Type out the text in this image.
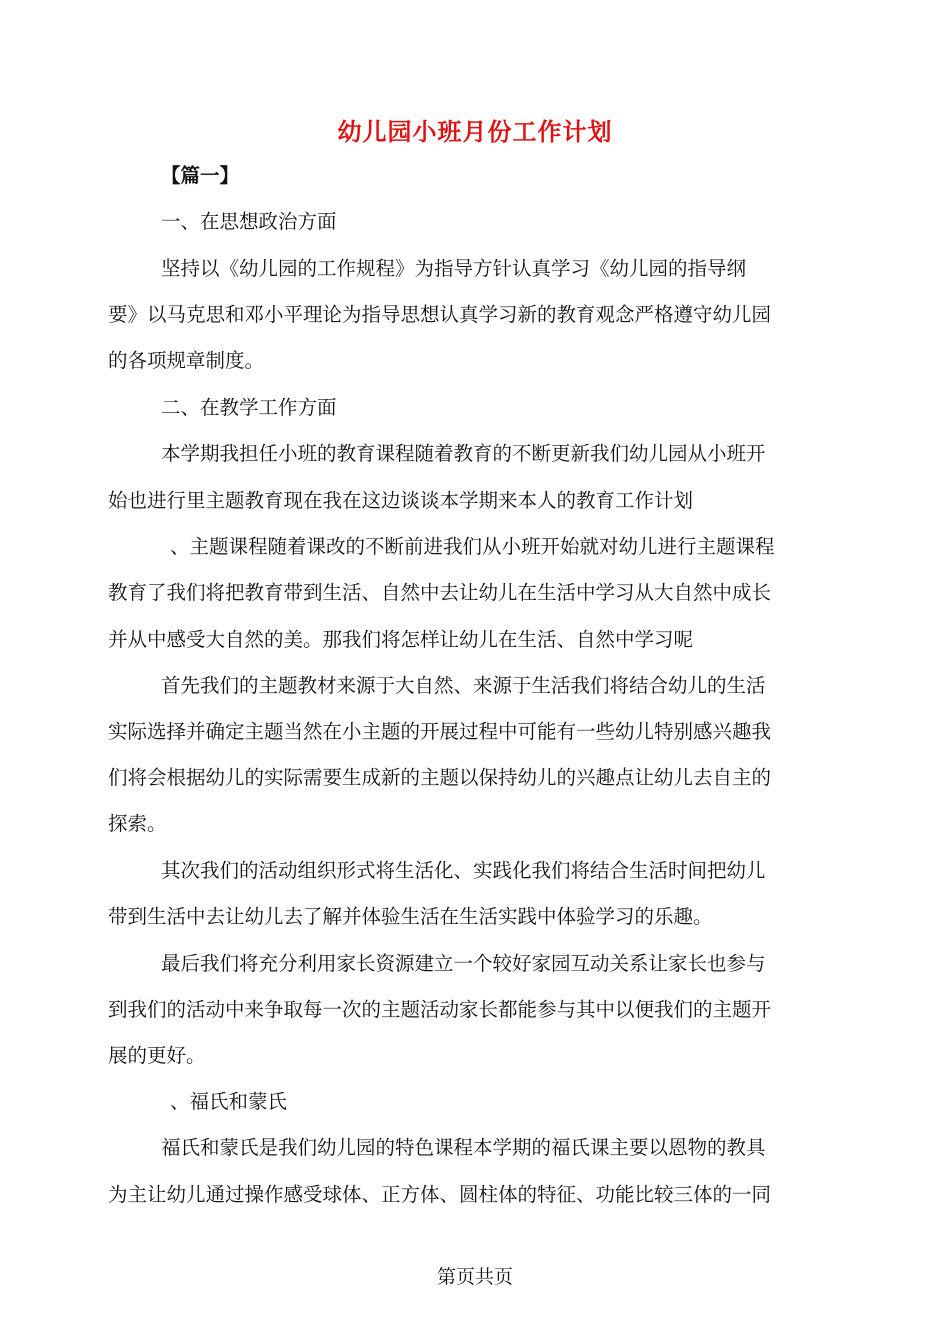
幼儿园小班月份工作计划
【篇一】
一、在思想政治方面
坚持以《幼儿园的工作规程》为指导方针认真学习《幼儿园的指导纲
要》以马克思和邓小平理论为指导思想认真学习新的教育观念严格遵守幼儿园
的各项规章制度。
二、在教学工作方面
本学期我担任小班的教育课程随着教育的不断更新我们幼儿园从小班开
始也进行里主题教育现在我在这边谈谈本学期来本人的教育工作计划
、主题课程随着课改的不断前进我们从小班开始就对幼儿进行主题课程
教育了我们将把教育带到生活、自然中去让幼儿在生活中学习从大自然中成长
并从中感受大自然的美。那我们将怎样让幼儿在生活、自然中学习呢
首先我们的主题教材来源于大自然、来源于生活我们将结合幼儿的生活
实际选择并确定主题当然在小主题的开展过程中可能有一些幼儿特别感兴趣我
们将会根据幼儿的实际需要生成新的主题以保持幼儿的兴趣点让幼儿去自主的
探索。
其次我们的活动组织形式将生活化、实践化我们将结合生活时间把幼儿
带到生活中去让幼儿去了解并体验生活在生活实践中体验学习的乐趣。
最后我们将充分利用家长资源建立一个较好家园互动关系让家长也参与
到我们的活动中来争取每一次的主题活动家长都能参与其中以便我们的主题开
展的更好。
、福氏和蒙氏
福氏和蒙氏是我们幼儿园的特色课程本学期的福氏课主要以恩物的教具
为主让幼儿通过操作感受球体、正方体、圆柱体的特征、功能比较三体的一同
第页共页
